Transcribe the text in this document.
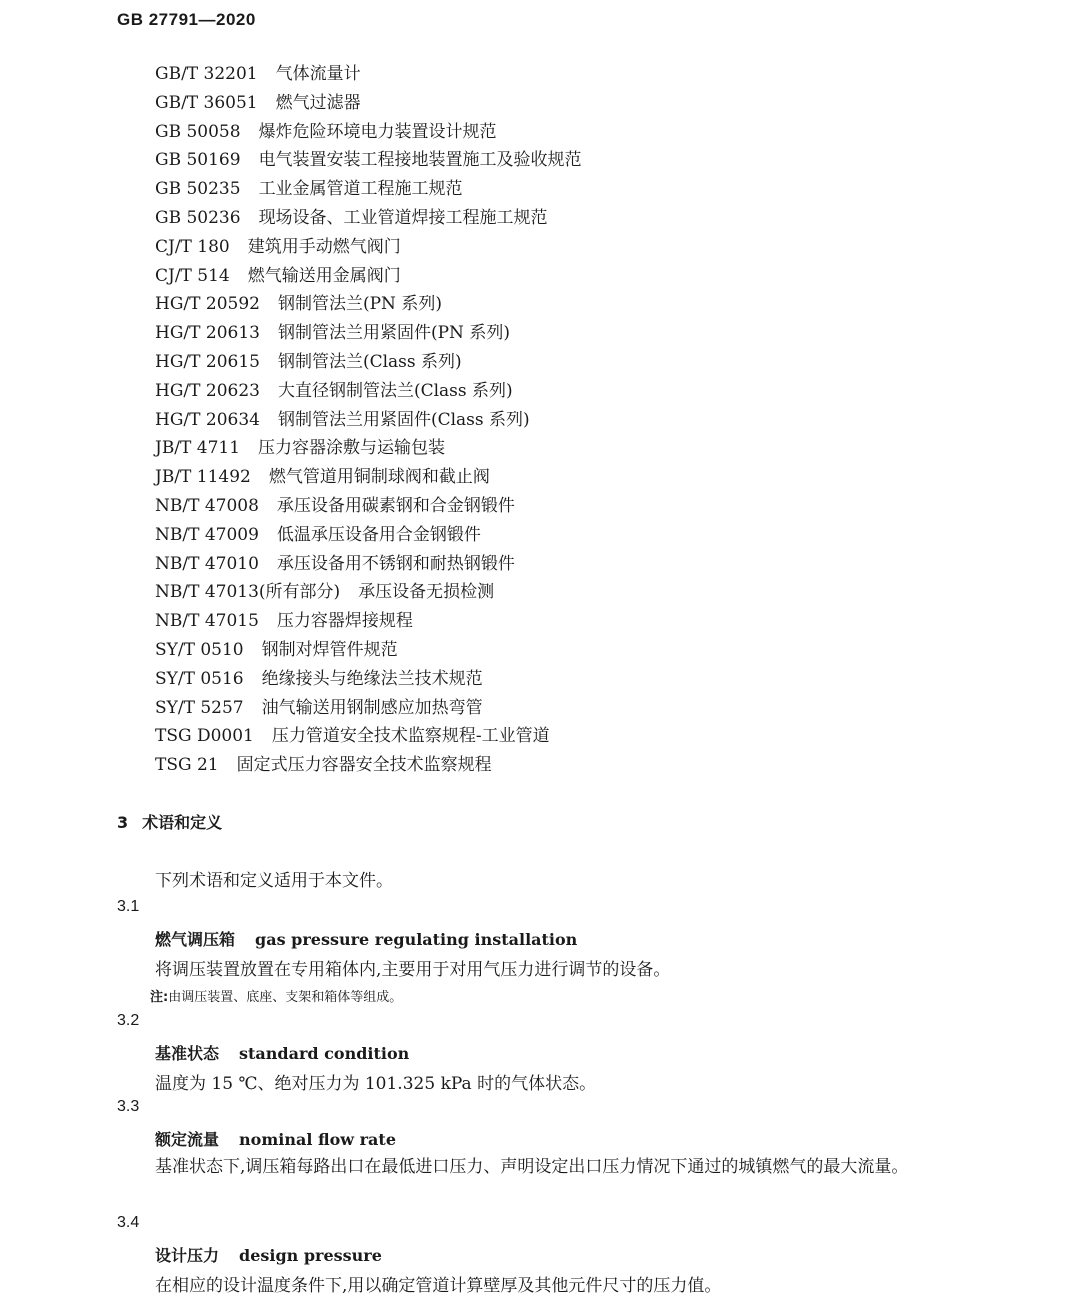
GB 27791—2020
GB/T 32201 气体流量计
GB/T 36051 燃气过滤器
GB 50058 爆炸危险环境电力装置设计规范
GB 50169 电气装置安装工程接地装置施工及验收规范
GB 50235 工业金属管道工程施工规范
GB 50236 现场设备、工业管道焊接工程施工规范
CJ/T 180 建筑用手动燃气阀门
CJ/T 514 燃气输送用金属阀门
HG/T 20592 钢制管法兰(PN 系列)
HG/T 20613 钢制管法兰用紧固件(PN 系列)
HG/T 20615 钢制管法兰(Class 系列)
HG/T 20623 大直径钢制管法兰(Class 系列)
HG/T 20634 钢制管法兰用紧固件(Class 系列)
JB/T 4711 压力容器涂敷与运输包装
JB/T 11492 燃气管道用铜制球阀和截止阀
NB/T 47008 承压设备用碳素钢和合金钢锻件
NB/T 47009 低温承压设备用合金钢锻件
NB/T 47010 承压设备用不锈钢和耐热钢锻件
NB/T 47013(所有部分) 承压设备无损检测
NB/T 47015 压力容器焊接规程
SY/T 0510 钢制对焊管件规范
SY/T 0516 绝缘接头与绝缘法兰技术规范
SY/T 5257 油气输送用钢制感应加热弯管
TSG D0001 压力管道安全技术监察规程-工业管道
TSG 21 固定式压力容器安全技术监察规程
3 术语和定义
下列术语和定义适用于本文件。
3.1
燃气调压箱 gas pressure regulating installation
将调压装置放置在专用箱体内,主要用于对用气压力进行调节的设备。
注:由调压装置、底座、支架和箱体等组成。
3.2
基准状态 standard condition
温度为 15 ℃、绝对压力为 101.325 kPa 时的气体状态。
3.3
额定流量 nominal flow rate
基准状态下,调压箱每路出口在最低进口压力、声明设定出口压力情况下通过的城镇燃气的最大流量。
3.4
设计压力 design pressure
在相应的设计温度条件下,用以确定管道计算壁厚及其他元件尺寸的压力值。
